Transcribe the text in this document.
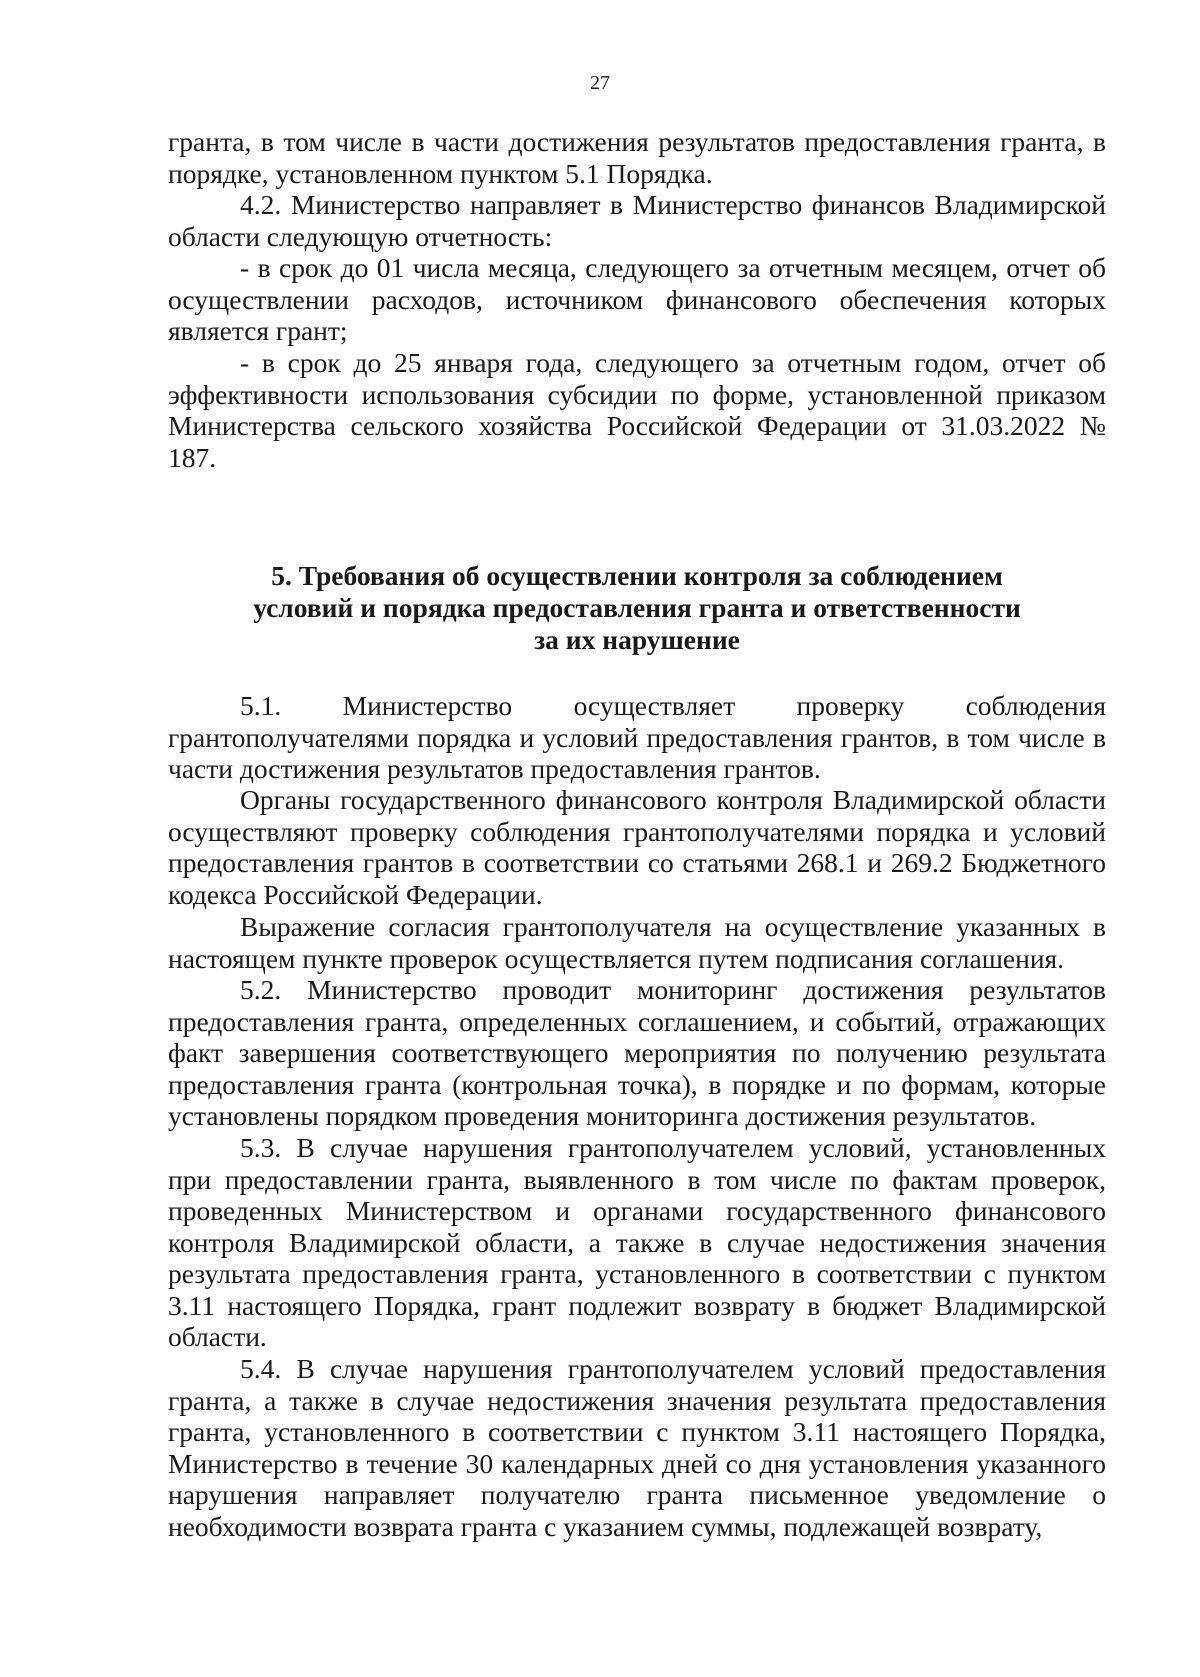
27

гранта, в том числе в части достижения результатов предоставления гранта, в порядке, установленном пунктом 5.1 Порядка.

4.2. Министерство направляет в Министерство финансов Владимирской области следующую отчетность:

- в срок до 01 числа месяца, следующего за отчетным месяцем, отчет об осуществлении расходов, источником финансового обеспечения которых является грант;

- в срок до 25 января года, следующего за отчетным годом, отчет об эффективности использования субсидии по форме, установленной приказом Министерства сельского хозяйства Российской Федерации от 31.03.2022 № 187.

5. Требования об осуществлении контроля за соблюдением
условий и порядка предоставления гранта и ответственности
за их нарушение

5.1. Министерство осуществляет проверку соблюдения грантополучателями порядка и условий предоставления грантов, в том числе в части достижения результатов предоставления грантов.

Органы государственного финансового контроля Владимирской области осуществляют проверку соблюдения грантополучателями порядка и условий предоставления грантов в соответствии со статьями 268.1 и 269.2 Бюджетного кодекса Российской Федерации.

Выражение согласия грантополучателя на осуществление указанных в настоящем пункте проверок осуществляется путем подписания соглашения.

5.2. Министерство проводит мониторинг достижения результатов предоставления гранта, определенных соглашением, и событий, отражающих факт завершения соответствующего мероприятия по получению результата предоставления гранта (контрольная точка), в порядке и по формам, которые установлены порядком проведения мониторинга достижения результатов.

5.3. В случае нарушения грантополучателем условий, установленных при предоставлении гранта, выявленного в том числе по фактам проверок, проведенных Министерством и органами государственного финансового контроля Владимирской области, а также в случае недостижения значения результата предоставления гранта, установленного в соответствии с пунктом 3.11 настоящего Порядка, грант подлежит возврату в бюджет Владимирской области.

5.4. В случае нарушения грантополучателем условий предоставления гранта, а также в случае недостижения значения результата предоставления гранта, установленного в соответствии с пунктом 3.11 настоящего Порядка, Министерство в течение 30 календарных дней со дня установления указанного нарушения направляет получателю гранта письменное уведомление о необходимости возврата гранта с указанием суммы, подлежащей возврату,
